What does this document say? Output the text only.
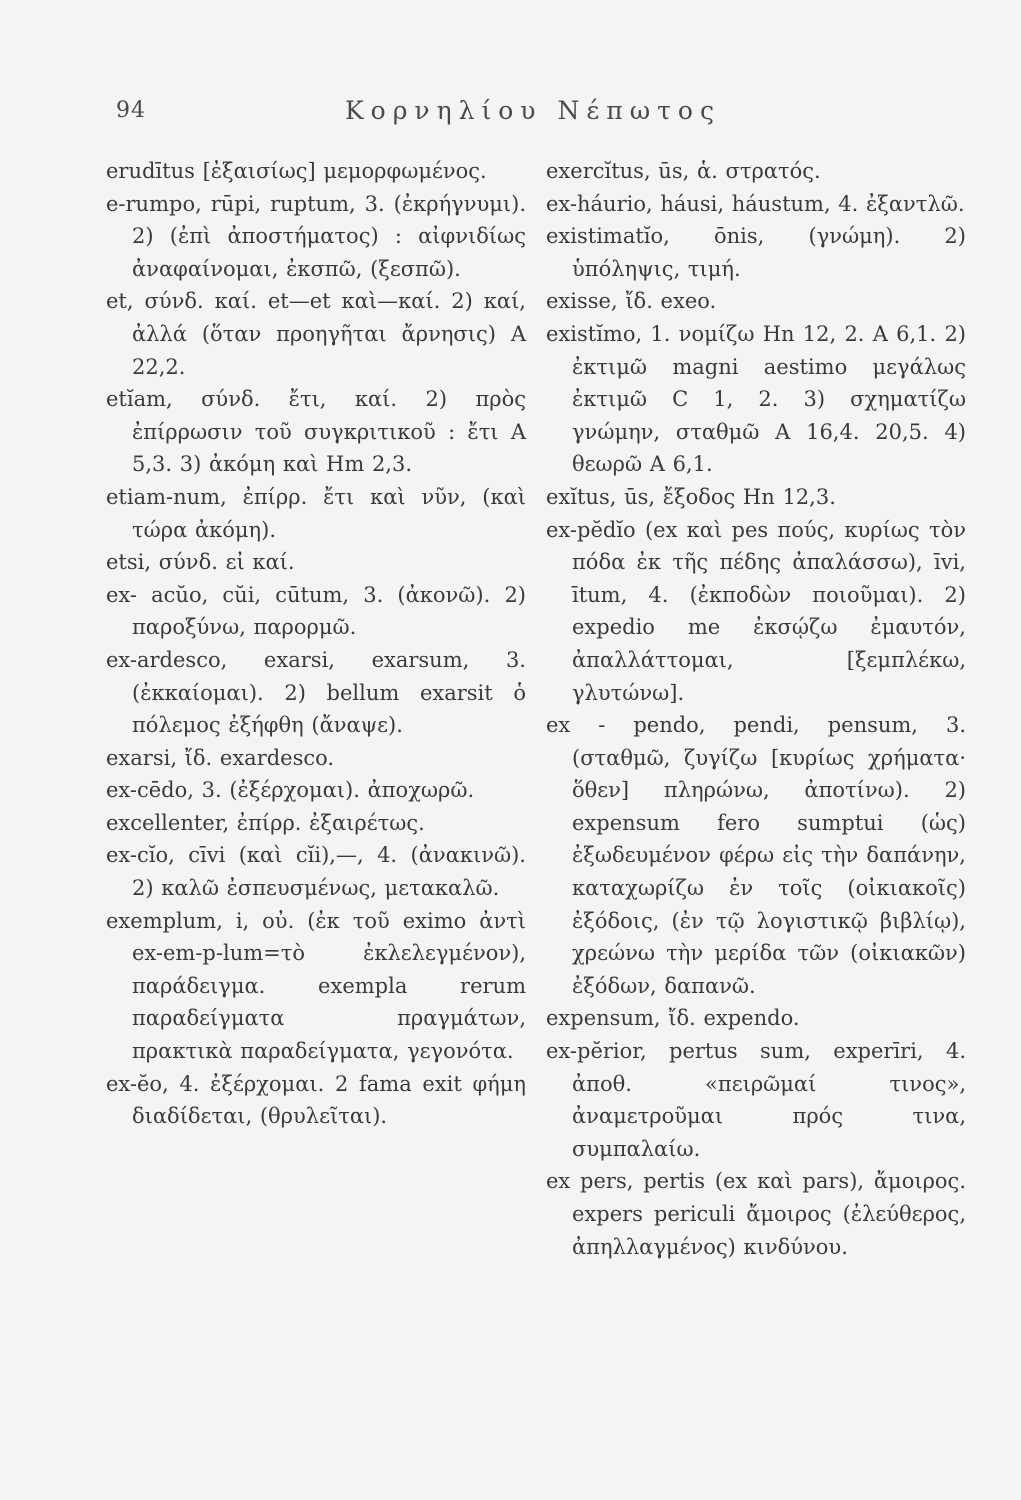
94	Κορνηλίου Νέπωτος

erudītus [ἐξαισίως] μεμορφωμένος.

e-rumpo, rūpi, ruptum, 3. (ἐκρήγνυμι). 2) (ἐπὶ ἀποστήματος) : αἰφνιδίως ἀναφαίνομαι, ἐκσπῶ, (ξεσπῶ).

et, σύνδ. καί. et—et καὶ—καί. 2) καί, ἀλλά (ὅταν προηγῆται ἄρνησις) A 22,2.

etĭam, σύνδ. ἔτι, καί. 2) πρὸς ἐπίρρωσιν τοῦ συγκριτικοῦ : ἔτι A 5,3. 3) ἀκόμη καὶ Hm 2,3.

etiam-num, ἐπίρρ. ἔτι καὶ νῦν, (καὶ τώρα ἀκόμη).

etsi, σύνδ. εἰ καί.

ex- acŭo, cŭi, cūtum, 3. (ἀκονῶ). 2) παροξύνω, παρορμῶ.

ex-ardesco, exarsi, exarsum, 3. (ἐκκαίομαι). 2) bellum exarsit ὁ πόλεμος ἐξήφθη (ἄναψε).

exarsi, ἴδ. exardesco.

ex-cēdo, 3. (ἐξέρχομαι). ἀποχωρῶ.

excellenter, ἐπίρρ. ἐξαιρέτως.

ex-cĭo, cīvi (καὶ cĭi),—, 4. (ἀνακινῶ). 2) καλῶ ἐσπευσμένως, μετακαλῶ.

exemplum, i, οὐ. (ἐκ τοῦ eximo ἀντὶ ex-em-p-lum=τὸ ἐκλελεγμένον), παράδειγμα. exempla rerum παραδείγματα πραγμάτων, πρακτικὰ παραδείγματα, γεγονότα.

ex-ĕo, 4. ἐξέρχομαι. 2 fama exit φήμη διαδίδεται, (θρυλεῖται).

exercĭtus, ūs, ἁ. στρατός.

ex-háurio, háusi, háustum, 4. ἐξαντλῶ.

existimatĭo, ōnis, (γνώμη). 2) ὑπόληψις, τιμή.

exisse, ἴδ. exeo.

existĭmo, 1. νομίζω Hn 12, 2. A 6,1. 2) ἐκτιμῶ magni aestimo μεγάλως ἐκτιμῶ C 1, 2. 3) σχηματίζω γνώμην, σταθμῶ A 16,4. 20,5. 4) θεωρῶ A 6,1.

exĭtus, ūs, ἔξοδος Hn 12,3.

ex-pĕdĭo (ex καὶ pes πούς, κυρίως τὸν πόδα ἐκ τῆς πέδης ἀπαλάσσω), īvi, ītum, 4. (ἐκποδὼν ποιοῦμαι). 2) expedio me ἐκσῴζω ἐμαυτόν, ἀπαλλάττομαι, [ξεμπλέκω, γλυτώνω].

ex - pendo, pendi, pensum, 3. (σταθμῶ, ζυγίζω [κυρίως χρήματα· ὅθεν] πληρώνω, ἀποτίνω). 2) expensum fero sumptui (ὡς) ἐξωδευμένον φέρω εἰς τὴν δαπάνην, καταχωρίζω ἐν τοῖς (οἰκιακοῖς) ἐξόδοις, (ἐν τῷ λογιστικῷ βιβλίῳ), χρεώνω τὴν μερίδα τῶν (οἰκιακῶν) ἐξόδων, δαπανῶ.

expensum, ἴδ. expendo.

ex-pĕrior, pertus sum, experīri, 4. ἀποθ. «πειρῶμαί τινος», ἀναμετροῦμαι πρός τινα, συμπαλαίω.

ex pers, pertis (ex καὶ pars), ἄμοιρος. expers periculi ἄμοιρος (ἐλεύθερος, ἀπηλλαγμένος) κινδύνου.
